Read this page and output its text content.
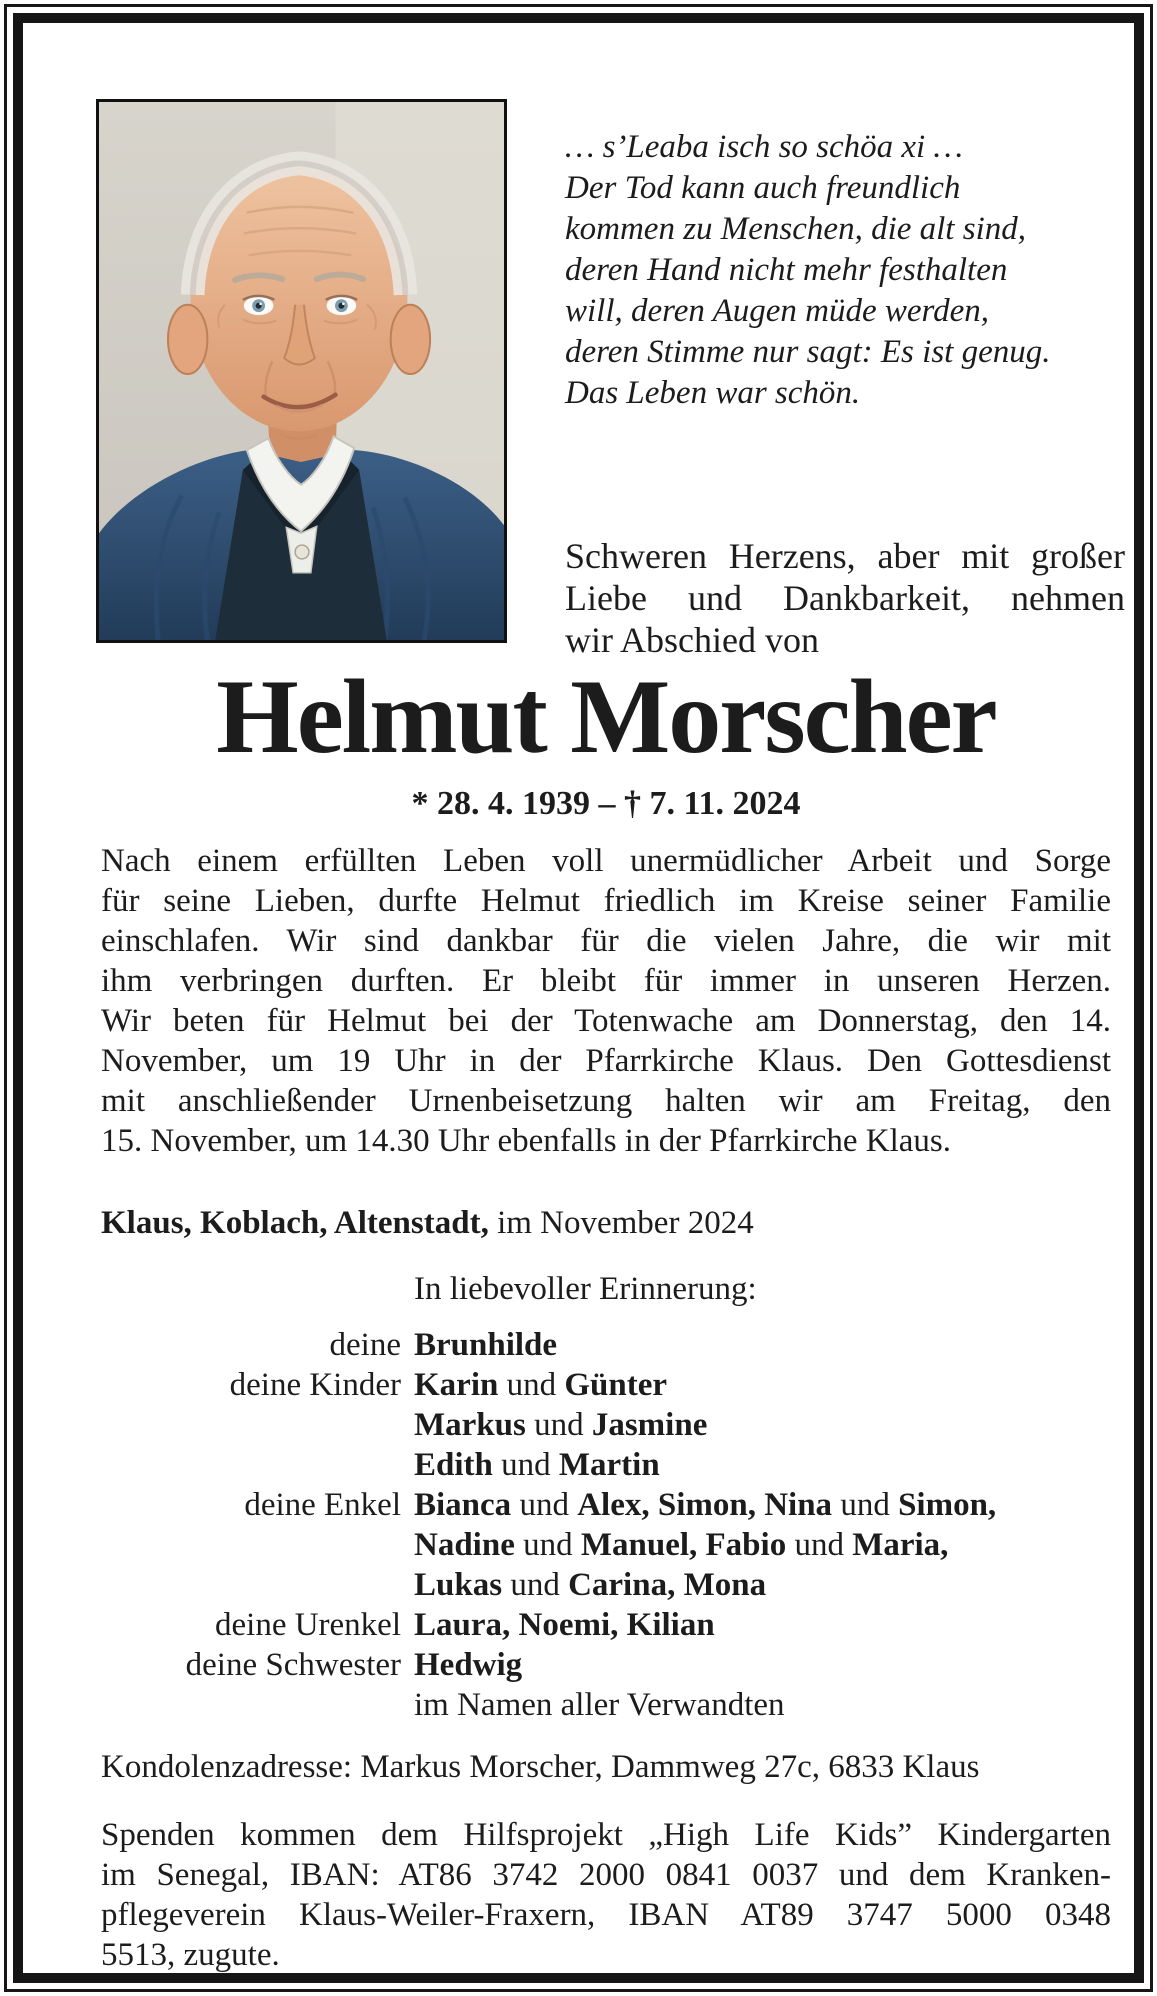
… s’Leaba isch so schöa xi …
Der Tod kann auch freundlich
kommen zu Menschen, die alt sind,
deren Hand nicht mehr festhalten
will, deren Augen müde werden,
deren Stimme nur sagt: Es ist genug.
Das Leben war schön.
Schweren Herzens, aber mit großer
Liebe und Dankbarkeit, nehmen
wir Abschied von
Helmut Morscher
* 28. 4. 1939 – † 7. 11. 2024
Nach einem erfüllten Leben voll unermüdlicher Arbeit und Sorge
für seine Lieben, durfte Helmut friedlich im Kreise seiner Familie
einschlafen. Wir sind dankbar für die vielen Jahre, die wir mit
ihm verbringen durften. Er bleibt für immer in unseren Herzen.
Wir beten für Helmut bei der Totenwache am Donnerstag, den 14.
November, um 19 Uhr in der Pfarrkirche Klaus. Den Gottesdienst
mit anschließender Urnenbeisetzung halten wir am Freitag, den
15. November, um 14.30 Uhr ebenfalls in der Pfarrkirche Klaus.
Klaus, Koblach, Altenstadt, im November 2024
In liebevoller Erinnerung:
deine Brunhilde
deine Kinder Karin und Günter
Markus und Jasmine
Edith und Martin
deine Enkel Bianca und Alex, Simon, Nina und Simon,
Nadine und Manuel, Fabio und Maria,
Lukas und Carina, Mona
deine Urenkel Laura, Noemi, Kilian
deine Schwester Hedwig
im Namen aller Verwandten
Kondolenzadresse: Markus Morscher, Dammweg 27c, 6833 Klaus
Spenden kommen dem Hilfsprojekt „High Life Kids” Kindergarten
im Senegal, IBAN: AT86 3742 2000 0841 0037 und dem Kranken-
pflegeverein Klaus-Weiler-Fraxern, IBAN AT89 3747 5000 0348
5513, zugute.
